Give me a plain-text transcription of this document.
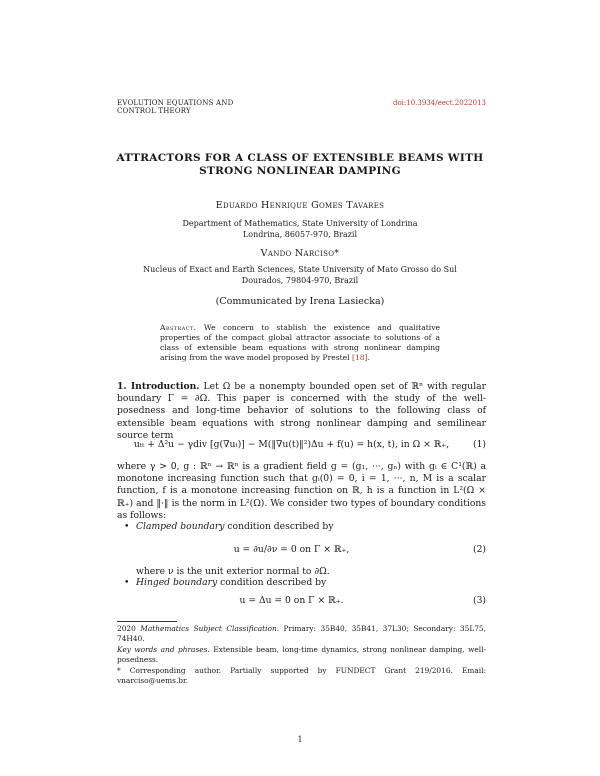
EVOLUTION EQUATIONS AND
CONTROL THEORY
doi:10.3934/eect.2022013
ATTRACTORS FOR A CLASS OF EXTENSIBLE BEAMS WITH
STRONG NONLINEAR DAMPING
Eduardo Henrique Gomes Tavares
Department of Mathematics, State University of Londrina
Londrina, 86057-970, Brazil
Vando Narciso*
Nucleus of Exact and Earth Sciences, State University of Mato Grosso do Sul
Dourados, 79804-970, Brazil
(Communicated by Irena Lasiecka)
Abstract. We concern to stablish the existence and qualitative properties of the compact global attractor associate to solutions of a class of extensible beam equations with strong nonlinear damping arising from the wave model proposed by Prestel [18].
1. Introduction. Let Ω be a nonempty bounded open set of ℝⁿ with regular boundary Γ = ∂Ω. This paper is concerned with the study of the well-posedness and long-time behavior of solutions to the following class of extensible beam equations with strong nonlinear damping and semilinear source term
uₜₜ + Δ²u − γdiv [g(∇uₜ)] − M(‖∇u(t)‖²)Δu + f(u) = h(x, t), in Ω × ℝ₊,	(1)
where γ > 0, g : ℝⁿ → ℝⁿ is a gradient field g = (g₁, ···, gₙ) with gᵢ ∈ C¹(ℝ) a monotone increasing function such that gᵢ(0) = 0, i = 1, ···, n, M is a scalar function, f is a monotone increasing function on ℝ, h is a function in L²(Ω × ℝ₊) and ‖·‖ is the norm in L²(Ω). We consider two types of boundary conditions as follows:
• Clamped boundary condition described by
u = ∂u/∂ν = 0 on Γ × ℝ₊,	(2)
where ν is the unit exterior normal to ∂Ω.
• Hinged boundary condition described by
u = Δu = 0 on Γ × ℝ₊.	(3)
2020 Mathematics Subject Classification. Primary: 35B40, 35B41, 37L30; Secondary: 35L75, 74H40.
Key words and phrases. Extensible beam, long-time dynamics, strong nonlinear damping, well-posedness.
* Corresponding author. Partially supported by FUNDECT Grant 219/2016. Email: vnarciso@uems.br.
1
